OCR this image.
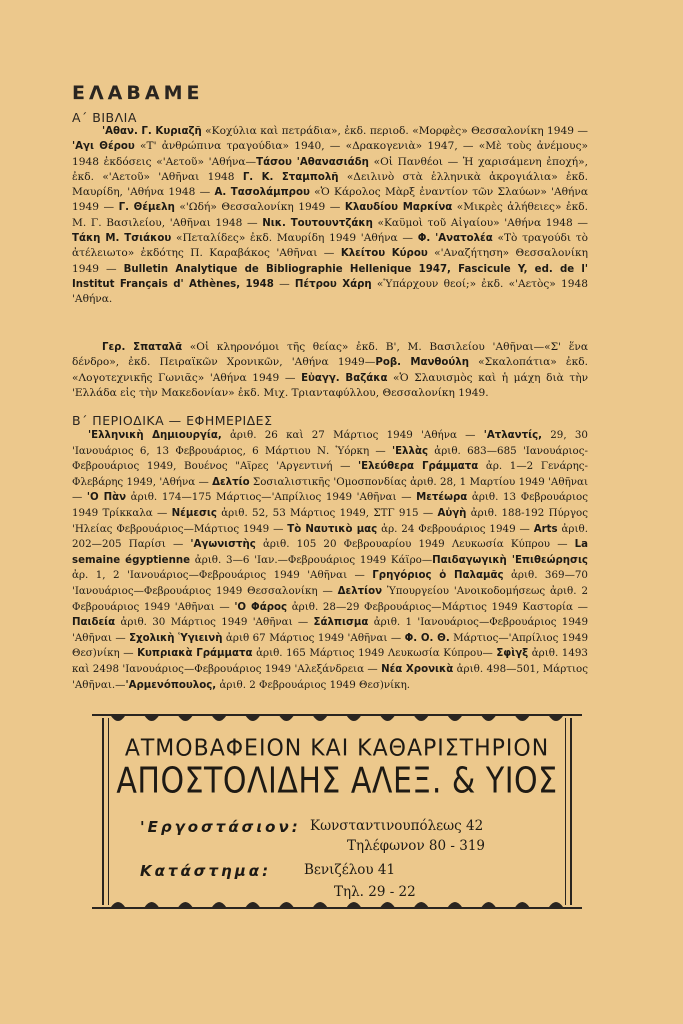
ΕΛΑΒΑΜΕ
Α΄ ΒΙΒΛΙΑ

'Αθαν. Γ. Κυριαζῆ «Κοχύλια καὶ πετράδια», ἐκδ. περιοδ. «Μορφὲς» Θεσσαλονίκη 1949 — 'Αγι Θέρου «Τ' ἀνθρώπινα τραγούδια» 1940, — «Δρακογενιὰ» 1947, — «Μὲ τοὺς ἀνέμους» 1948 ἐκδόσεις «'Αετοῦ» 'Αθήνα—Τάσου 'Αθανασιάδη «Οἱ Πανθέοι — Ἡ χαρισάμενη ἐποχή», ἐκδ. «'Αετοῦ» 'Αθῆναι 1948 Γ. Κ. Σταμπολῆ «Δειλινὸ στὰ ἑλληνικὰ ἀκρογιάλια» ἐκδ. Μαυρίδη, 'Αθήνα 1948 — Α. Τασολάμπρου «Ὁ Κάρολος Μὰρξ ἐναντίον τῶν Σλαύων» 'Αθήνα 1949 — Γ. Θέμελη «'Ωδή» Θεσσαλονίκη 1949 — Κλαυδίου Μαρκίνα «Μικρὲς ἀλήθειες» ἐκδ. Μ. Γ. Βασιλείου, 'Αθῆναι 1948 — Νικ. Τουτουντζάκη «Καϋμοὶ τοῦ Αἰγαίου» 'Αθήνα 1948 — Τάκη Μ. Τσιάκου «Πεταλίδες» ἐκδ. Μαυρίδη 1949 'Αθήνα — Φ. 'Ανατολέα «Τὸ τραγούδι τὸ ἀτέλειωτο» ἐκδότης Π. Καραβάκος 'Αθῆναι — Κλείτου Κύρου «'Αναζήτηση» Θεσσαλονίκη 1949 — Bulletin Analytique de Bibliographie Hellenique 1947, Fascicule Y, ed. de l' Institut Français d' Athènes, 1948 — Πέτρου Χάρη «Ὑπάρχουν θεοί;» ἐκδ. «'Αετὸς» 1948 'Αθήνα.

Γερ. Σπαταλᾶ «Οἱ κληρονόμοι τῆς θείας» ἐκδ. Β', Μ. Βασιλείου 'Αθῆναι—«Σ' ἕνα δένδρο», ἐκδ. Πειραϊκῶν Χρονικῶν, 'Αθήνα 1949—Ροβ. Μανθούλη «Σκαλοπάτια» ἐκδ. «Λογοτεχνικῆς Γωνιᾶς» 'Αθήνα 1949 — Εὐαγγ. Βαζάκα «Ὁ Σλαυισμὸς καὶ ἡ μάχη διὰ τὴν 'Ελλάδα εἰς τὴν Μακεδονίαν» ἐκδ. Μιχ. Τριανταφύλλου, Θεσσαλονίκη 1949.

Β΄ ΠΕΡΙΟΔΙΚΑ — ΕΦΗΜΕΡΙΔΕΣ

'Ελληνικὴ Δημιουργία, ἀριθ. 26 καὶ 27 Μάρτιος 1949 'Αθήνα — 'Ατλαντίς, 29, 30 'Ιανουάριος 6, 13 Φεβρουάριος, 6 Μάρτιου Ν. Ὑόρκη — 'Ελλὰς ἀριθ. 683—685 'Ιανουάριος-Φεβρουάριος 1949, Βουένος "Αϊρες 'Αργεντινή — 'Ελεύθερα Γράμματα ἀρ. 1—2 Γενάρης-Φλεβάρης 1949, 'Αθήνα — Δελτίο Σοσιαλιστικῆς 'Ομοσπονδίας ἀριθ. 28, 1 Μαρτίου 1949 'Αθῆναι— 'Ο Πὰν ἀριθ. 174—175 Μάρτιος—'Απρίλιος 1949 'Αθῆναι — Μετέωρα ἀριθ. 13 Φεβρουάριος 1949 Τρίκκαλα — Νέμεσις ἀριθ. 52, 53 Μάρτιος 1949, ΣΤΓ 915 — Αὐγὴ ἀριθ. 188-192 Πύργος 'Ηλείας Φεβρουάριος—Μάρτιος 1949 — Τὸ Ναυτικὸ μας ἀρ. 24 Φεβρουάριος 1949 — Arts ἀριθ. 202—205 Παρίσι — 'Αγωνιστὴς ἀριθ. 105 20 Φεβρουαρίου 1949 Λευκωσία Κύπρου — La semaine égyptienne ἀριθ. 3—6 'Ιαν.—Φεβρουάριος 1949 Κάϊρο—Παιδαγωγικὴ 'Επιθεώρησις ἀρ. 1, 2 'Ιανουάριος—Φεβρουάριος 1949 'Αθῆναι — Γρηγόριος ὁ Παλαμᾶς ἀριθ. 369—70 'Ιανουάριος—Φεβρουάριος 1949 Θεσσαλονίκη — Δελτίον Ὑπουργείου 'Ανοικοδομήσεως ἀριθ. 2 Φεβρουάριος 1949 'Αθῆναι — 'Ο Φάρος ἀριθ. 28—29 Φεβρουάριος—Μάρτιος 1949 Καστορία — Παιδεία ἀριθ. 30 Μάρτιος 1949 'Αθῆναι — Σάλπισμα ἀριθ. 1 'Ιανουάριος—Φεβρουάριος 1949 'Αθῆναι — Σχολικὴ Ὑγιεινὴ ἀριθ 67 Μάρτιος 1949 'Αθῆναι — Φ. Ο. Θ. Μάρτιος—'Απρίλιος 1949 Θεσ)νίκη — Κυπριακὰ Γράμματα ἀριθ. 165 Μάρτιος 1949 Λευκωσία Κύπρου— Σφὶγξ ἀριθ. 1493 καὶ 2498 'Ιανουάριος—Φεβρουάριος 1949 'Αλεξάνδρεια — Νέα Χρονικὰ ἀριθ. 498—501, Μάρτιος 'Αθῆναι.—'Αρμενόπουλος, ἀριθ. 2 Φεβρουάριος 1949 Θεσ)νίκη.

ΑΤΜΟΒΑΦΕΙΟΝ ΚΑΙ ΚΑΘΑΡΙΣΤΗΡΙΟΝ
ΑΠΟΣΤΟΛΙΔΗΣ ΑΛΕΞ. & ΥΙΟΣ
'Εργοστάσιον: Κωνσταντινουπόλεως 42
Τηλέφωνον 80 - 319
Κατάστημα: Βενιζέλου 41
Τηλ. 29 - 22
